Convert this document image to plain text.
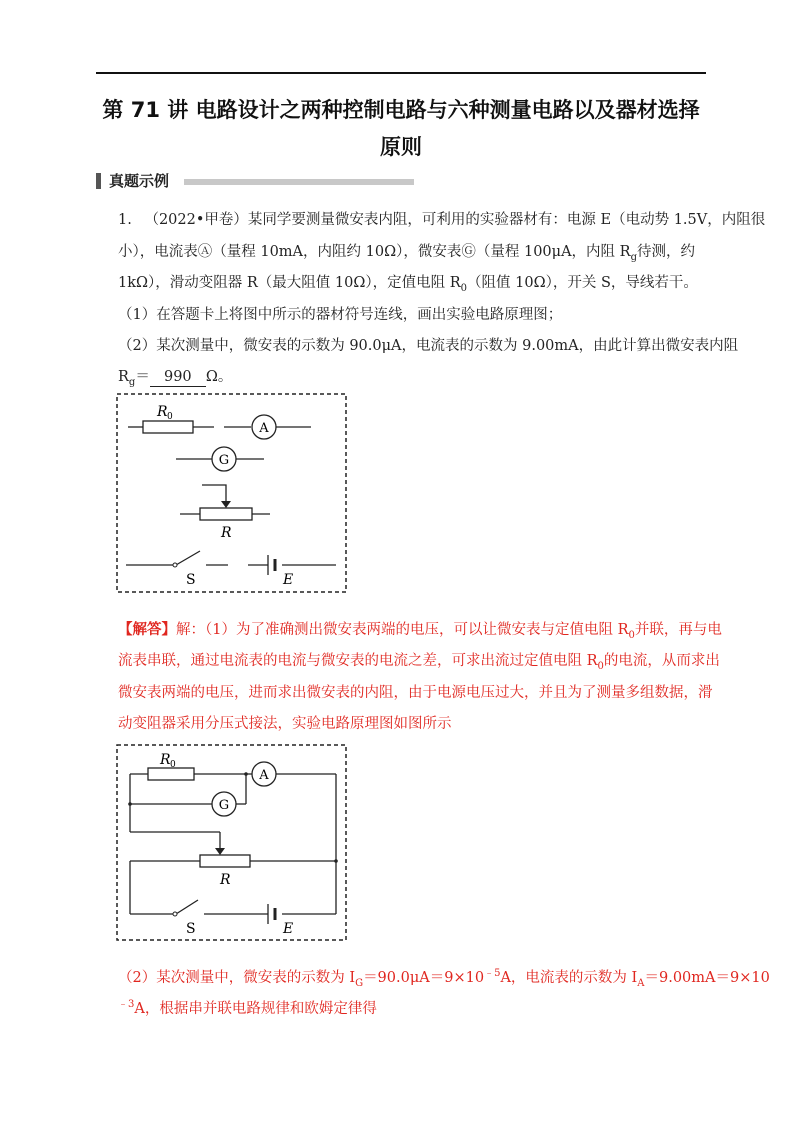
第 71 讲 电路设计之两种控制电路与六种测量电路以及器材选择
原则
真题示例
1. （2022•甲卷）某同学要测量微安表内阻，可利用的实验器材有：电源 E（电动势 1.5V，内阻很
小），电流表Ⓐ（量程 10mA，内阻约 10Ω），微安表Ⓖ（量程 100μA，内阻 $R_g$待测，约
1kΩ），滑动变阻器 R（最大阻值 10Ω），定值电阻 $R_0$（阻值 10Ω），开关 S，导线若干。
（1）在答题卡上将图中所示的器材符号连线，画出实验电路原理图；
（2）某次测量中，微安表的示数为 90.0μA，电流表的示数为 9.00mA，由此计算出微安表内阻
$R_g= 990$ Ω。
R 0
A
G
R
S	E
【解答】解：（1）为了准确测出微安表两端的电压，可以让微安表与定值电阻 $R_0$并联，再与电
流表串联，通过电流表的电流与微安表的电流之差，可求出流过定值电阻 $R_0$的电流，从而求出
微安表两端的电压，进而求出微安表的内阻，由于电源电压过大，并且为了测量多组数据，滑
动变阻器采用分压式接法，实验电路原理图如图所示
R 0
A
G
R
S	E
（2）某次测量中，微安表的示数为 $I_G=90.0\mu A=9\times 10^{﹣5}A$，电流表的示数为 $I_A=9.00mA=9\times 10$
$^{﹣3}$A，根据串并联电路规律和欧姆定律得
